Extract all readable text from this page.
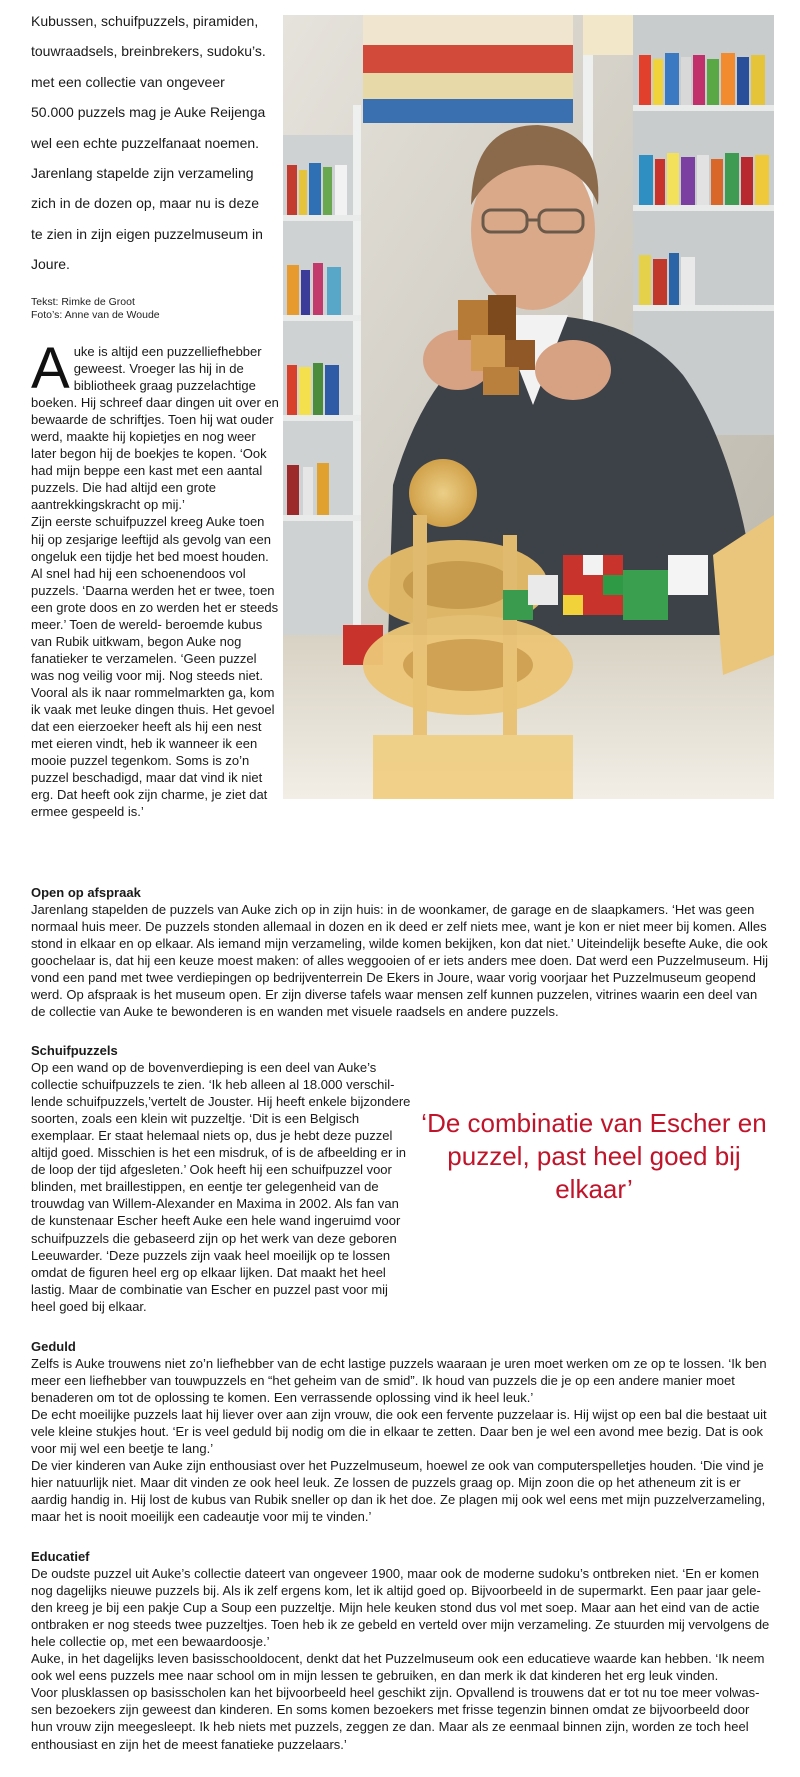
Kubussen, schuifpuzzels, piramiden, touwraadsels, breinbrekers, sudoku’s. met een collectie van ongeveer 50.000 puzzels mag je Auke Reijenga wel een echte puzzelfanaat noemen. Jarenlang stapelde zijn verzameling zich in de dozen op, maar nu is deze te zien in zijn eigen puzzelmuseum in Joure.
Tekst: Rimke de Groot
Foto’s: Anne van de Woude

Auke is altijd een puzzelliefhebber geweest. Vroeger las hij in de bibliotheek graag puzzelachtige boeken. Hij schreef daar dingen uit over en bewaarde de schriftjes. Toen hij wat ouder werd, maakte hij kopietjes en nog weer later begon hij de boekjes te kopen. ‘Ook had mijn beppe een kast met een aantal puzzels. Die had altijd een grote aantrekkingskracht op mij.’

Zijn eerste schuifpuzzel kreeg Auke toen hij op zesjarige leeftijd als gevolg van een ongeluk een tijdje het bed moest houden. Al snel had hij een schoenendoos vol puzzels. ‘Daarna werden het er twee, toen een grote doos en zo werden het er steeds meer.’ Toen de wereld- beroemde kubus van Rubik uitkwam, begon Auke nog fanatieker te verzamelen. ‘Geen puzzel was nog veilig voor mij. Nog steeds niet. Vooral als ik naar rommelmarkten ga, kom ik vaak met leuke dingen thuis. Het gevoel dat een eierzoeker heeft als hij een nest met eieren vindt, heb ik wanneer ik een mooie puzzel tegenkom. Soms is zo’n puzzel beschadigd, maar dat vind ik niet erg. Dat heeft ook zijn charme, je ziet dat ermee gespeeld is.’

Open op afspraak

Jarenlang stapelden de puzzels van Auke zich op in zijn huis: in de woonkamer, de garage en de slaapkamers. ‘Het was geen normaal huis meer. De puzzels stonden allemaal in dozen en ik deed er zelf niets mee, want je kon er niet meer bij komen. Alles stond in elkaar en op elkaar. Als iemand mijn verzameling, wilde komen bekijken, kon dat niet.’ Uiteindelijk besefte Auke, die ook goochelaar is, dat hij een keuze moest maken: of alles weggooien of er iets anders mee doen. Dat werd een Puzzelmuseum. Hij vond een pand met twee verdiepingen op bedrijventerrein De Ekers in Joure, waar vorig voorjaar het Puzzelmuseum geopend werd. Op afspraak is het museum open. Er zijn diverse tafels waar mensen zelf kunnen puzzelen, vitrines waarin een deel van de collectie van Auke te bewonderen is en wanden met visuele raadsels en andere puzzels.

Schuifpuzzels

Op een wand op de bovenverdieping is een deel van Auke’s collectie schuifpuzzels te zien. ‘Ik heb alleen al 18.000 verschillende schuifpuzzels,’vertelt de Jouster. Hij heeft enkele bijzondere soorten, zoals een klein wit puzzeltje. ‘Dit is een Belgisch exemplaar. Er staat helemaal niets op, dus je hebt deze puzzel altijd goed. Misschien is het een misdruk, of is de afbeelding er in de loop der tijd afgesleten.’ Ook heeft hij een schuifpuzzel voor blinden, met braillestippen, en eentje ter gelegenheid van de trouwdag van Willem-Alexander en Maxima in 2002. Als fan van de kunstenaar Escher heeft Auke een hele wand ingeruimd voor schuifpuzzels die gebaseerd zijn op het werk van deze geboren Leeuwarder. ‘Deze puzzels zijn vaak heel moeilijk op te lossen omdat de figuren heel erg op elkaar lijken. Dat maakt het heel lastig. Maar de combinatie van Escher en puzzel past voor mij heel goed bij elkaar.

‘De combinatie van Escher en puzzel, past heel goed bij elkaar’
Geduld

Zelfs is Auke trouwens niet zo’n liefhebber van de echt lastige puzzels waaraan je uren moet werken om ze op te lossen. ‘Ik ben meer een liefhebber van touwpuzzels en “het geheim van de smid”. Ik houd van puzzels die je op een andere manier moet benaderen om tot de oplossing te komen. Een verrassende oplossing vind ik heel leuk.’

De echt moeilijke puzzels laat hij liever over aan zijn vrouw, die ook een fervente puzzelaar is. Hij wijst op een bal die bestaat uit vele kleine stukjes hout. ‘Er is veel geduld bij nodig om die in elkaar te zetten. Daar ben je wel een avond mee bezig. Dat is ook voor mij wel een beetje te lang.’

De vier kinderen van Auke zijn enthousiast over het Puzzelmuseum, hoewel ze ook van computerspelletjes houden. ‘Die vind je hier natuurlijk niet. Maar dit vinden ze ook heel leuk. Ze lossen de puzzels graag op. Mijn zoon die op het atheneum zit is er aardig handig in. Hij lost de kubus van Rubik sneller op dan ik het doe. Ze plagen mij ook wel eens met mijn puzzelverzameling, maar het is nooit moeilijk een cadeautje voor mij te vinden.’

Educatief

De oudste puzzel uit Auke’s collectie dateert van ongeveer 1900, maar ook de moderne sudoku’s ontbreken niet. ‘En er komen nog dagelijks nieuwe puzzels bij. Als ik zelf ergens kom, let ik altijd goed op. Bijvoorbeeld in de supermarkt. Een paar jaar geleden kreeg je bij een pakje Cup a Soup een puzzeltje. Mijn hele keuken stond dus vol met soep. Maar aan het eind van de actie ontbraken er nog steeds twee puzzeltjes. Toen heb ik ze gebeld en verteld over mijn verzameling. Ze stuurden mij vervolgens de hele collectie op, met een bewaardoosje.’

Auke, in het dagelijks leven basisschooldocent, denkt dat het Puzzelmuseum ook een educatieve waarde kan hebben. ‘Ik neem ook wel eens puzzels mee naar school om in mijn lessen te gebruiken, en dan merk ik dat kinderen het erg leuk vinden.

Voor plusklassen op basisscholen kan het bijvoorbeeld heel geschikt zijn. Opvallend is trouwens dat er tot nu toe meer volwassen bezoekers zijn geweest dan kinderen. En soms komen bezoekers met frisse tegenzin binnen omdat ze bijvoorbeeld door hun vrouw zijn meegesleept. Ik heb niets met puzzels, zeggen ze dan. Maar als ze eenmaal binnen zijn, worden ze toch heel enthousiast en zijn het de meest fanatieke puzzelaars.’
